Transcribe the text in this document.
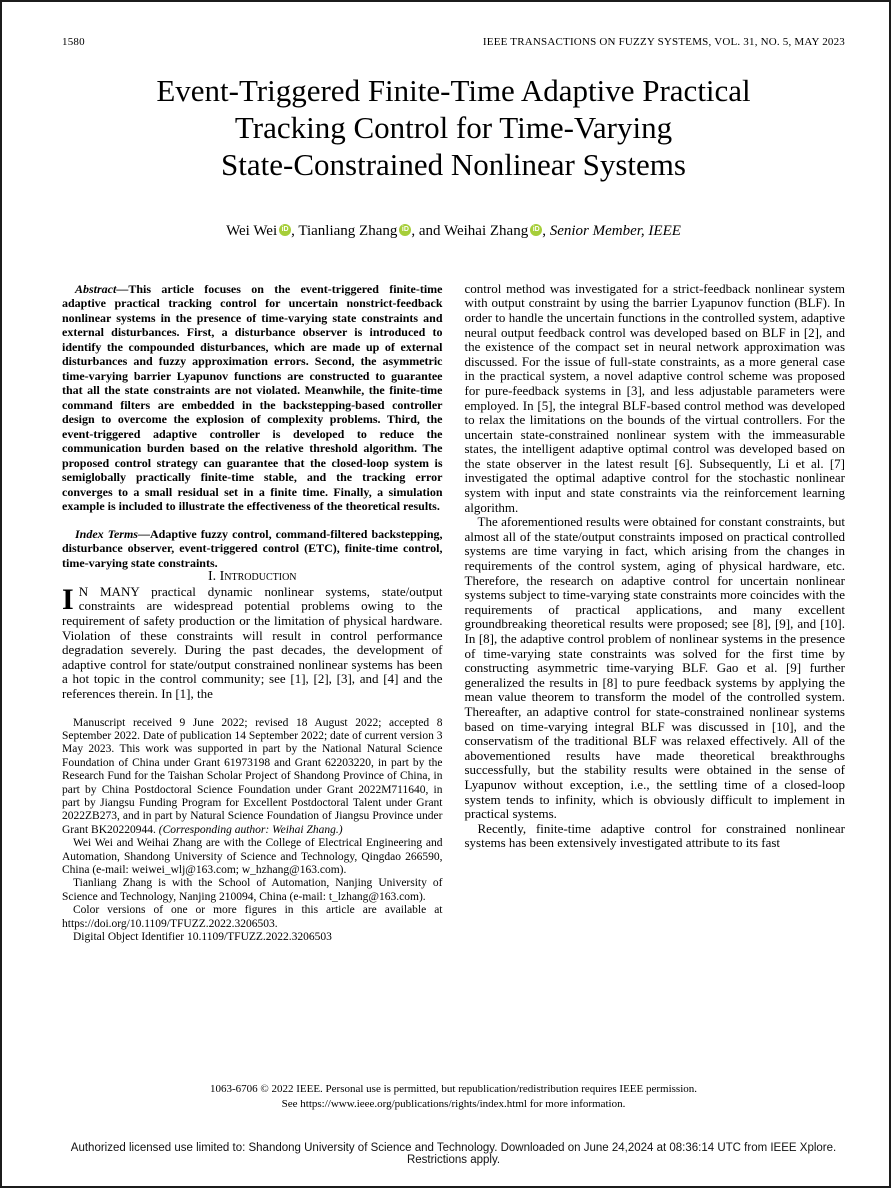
1580	IEEE TRANSACTIONS ON FUZZY SYSTEMS, VOL. 31, NO. 5, MAY 2023
Event-Triggered Finite-Time Adaptive Practical
Tracking Control for Time-Varying
State-Constrained Nonlinear Systems
Wei Wei iD , Tianliang Zhang iD , and Weihai Zhang iD , Senior Member, IEEE

Abstract—This article focuses on the event-triggered finite-time adaptive practical tracking control for uncertain nonstrict-feedback nonlinear systems in the presence of time-varying state constraints and external disturbances. First, a disturbance observer is introduced to identify the compounded disturbances, which are made up of external disturbances and fuzzy approximation errors. Second, the asymmetric time-varying barrier Lyapunov functions are constructed to guarantee that all the state constraints are not violated. Meanwhile, the finite-time command filters are embedded in the backstepping-based controller design to overcome the explosion of complexity problems. Third, the event-triggered adaptive controller is developed to reduce the communication burden based on the relative threshold algorithm. The proposed control strategy can guarantee that the closed-loop system is semiglobally practically finite-time stable, and the tracking error converges to a small residual set in a finite time. Finally, a simulation example is included to illustrate the effectiveness of the theoretical results.

Index Terms—Adaptive fuzzy control, command-filtered backstepping, disturbance observer, event-triggered control (ETC), finite-time control, time-varying state constraints.

I. Introduction

I N MANY practical dynamic nonlinear systems, state/output constraints are widespread potential problems owing to the requirement of safety production or the limitation of physical hardware. Violation of these constraints will result in control performance degradation severely. During the past decades, the development of adaptive control for state/output constrained nonlinear systems has been a hot topic in the control community; see [1], [2], [3], and [4] and the references therein. In [1], the

Manuscript received 9 June 2022; revised 18 August 2022; accepted 8 September 2022. Date of publication 14 September 2022; date of current version 3 May 2023. This work was supported in part by the National Natural Science Foundation of China under Grant 61973198 and Grant 62203220, in part by the Research Fund for the Taishan Scholar Project of Shandong Province of China, in part by China Postdoctoral Science Foundation under Grant 2022M711640, in part by Jiangsu Funding Program for Excellent Postdoctoral Talent under Grant 2022ZB273, and in part by Natural Science Foundation of Jiangsu Province under Grant BK20220944. (Corresponding author: Weihai Zhang.)

Wei Wei and Weihai Zhang are with the College of Electrical Engineering and Automation, Shandong University of Science and Technology, Qingdao 266590, China (e-mail: weiwei_wlj@163.com; w_hzhang@163.com).

Tianliang Zhang is with the School of Automation, Nanjing University of Science and Technology, Nanjing 210094, China (e-mail: t_lzhang@163.com).

Color versions of one or more figures in this article are available at https://doi.org/10.1109/TFUZZ.2022.3206503.

Digital Object Identifier 10.1109/TFUZZ.2022.3206503

control method was investigated for a strict-feedback nonlinear system with output constraint by using the barrier Lyapunov function (BLF). In order to handle the uncertain functions in the controlled system, adaptive neural output feedback control was developed based on BLF in [2], and the existence of the compact set in neural network approximation was discussed. For the issue of full-state constraints, as a more general case in the practical system, a novel adaptive control scheme was proposed for pure-feedback systems in [3], and less adjustable parameters were employed. In [5], the integral BLF-based control method was developed to relax the limitations on the bounds of the virtual controllers. For the uncertain state-constrained nonlinear system with the immeasurable states, the intelligent adaptive optimal control was developed based on the state observer in the latest result [6]. Subsequently, Li et al. [7] investigated the optimal adaptive control for the stochastic nonlinear system with input and state constraints via the reinforcement learning algorithm.

The aforementioned results were obtained for constant constraints, but almost all of the state/output constraints imposed on practical controlled systems are time varying in fact, which arising from the changes in requirements of the control system, aging of physical hardware, etc. Therefore, the research on adaptive control for uncertain nonlinear systems subject to time-varying state constraints more coincides with the requirements of practical applications, and many excellent groundbreaking theoretical results were proposed; see [8], [9], and [10]. In [8], the adaptive control problem of nonlinear systems in the presence of time-varying state constraints was solved for the first time by constructing asymmetric time-varying BLF. Gao et al. [9] further generalized the results in [8] to pure feedback systems by applying the mean value theorem to transform the model of the controlled system. Thereafter, an adaptive control for state-constrained nonlinear systems based on time-varying integral BLF was discussed in [10], and the conservatism of the traditional BLF was relaxed effectively. All of the abovementioned results have made theoretical breakthroughs successfully, but the stability results were obtained in the sense of Lyapunov without exception, i.e., the settling time of a closed-loop system tends to infinity, which is obviously difficult to implement in practical systems.

Recently, finite-time adaptive control for constrained nonlinear systems has been extensively investigated attribute to its fast

1063-6706 © 2022 IEEE. Personal use is permitted, but republication/redistribution requires IEEE permission.
See https://www.ieee.org/publications/rights/index.html for more information.
Authorized licensed use limited to: Shandong University of Science and Technology. Downloaded on June 24,2024 at 08:36:14 UTC from IEEE Xplore.  Restrictions apply.
